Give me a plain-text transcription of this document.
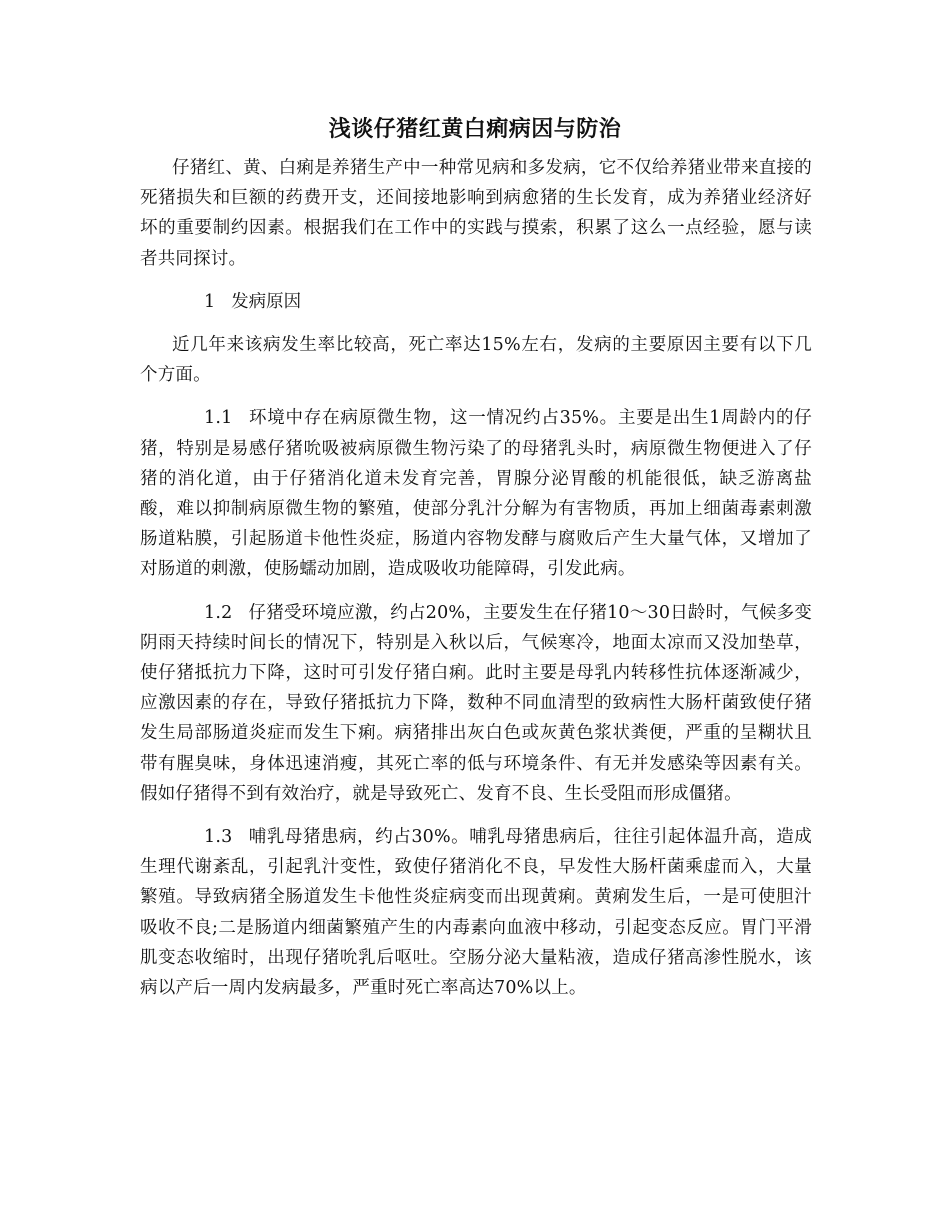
浅谈仔猪红黄白痢病因与防治

仔猪红、黄、白痢是养猪生产中一种常见病和多发病，它不仅给养猪业带来直接的死猪损失和巨额的药费开支，还间接地影响到病愈猪的生长发育，成为养猪业经济好坏的重要制约因素。根据我们在工作中的实践与摸索，积累了这么一点经验，愿与读者共同探讨。

1 发病原因

近几年来该病发生率比较高，死亡率达15%左右，发病的主要原因主要有以下几个方面。

1.1 环境中存在病原微生物，这一情况约占35%。主要是出生1周龄内的仔猪，特别是易感仔猪吮吸被病原微生物污染了的母猪乳头时，病原微生物便进入了仔猪的消化道，由于仔猪消化道未发育完善，胃腺分泌胃酸的机能很低，缺乏游离盐酸，难以抑制病原微生物的繁殖，使部分乳汁分解为有害物质，再加上细菌毒素刺激肠道粘膜，引起肠道卡他性炎症，肠道内容物发酵与腐败后产生大量气体，又增加了对肠道的刺激，使肠蠕动加剧，造成吸收功能障碍，引发此病。

1.2 仔猪受环境应激，约占20%，主要发生在仔猪10～30日龄时，气候多变阴雨天持续时间长的情况下，特别是入秋以后，气候寒冷，地面太凉而又没加垫草，使仔猪抵抗力下降，这时可引发仔猪白痢。此时主要是母乳内转移性抗体逐渐减少，应激因素的存在，导致仔猪抵抗力下降，数种不同血清型的致病性大肠杆菌致使仔猪发生局部肠道炎症而发生下痢。病猪排出灰白色或灰黄色浆状粪便，严重的呈糊状且带有腥臭味，身体迅速消瘦，其死亡率的低与环境条件、有无并发感染等因素有关。假如仔猪得不到有效治疗，就是导致死亡、发育不良、生长受阻而形成僵猪。

1.3 哺乳母猪患病，约占30%。哺乳母猪患病后，往往引起体温升高，造成生理代谢紊乱，引起乳汁变性，致使仔猪消化不良，早发性大肠杆菌乘虚而入，大量繁殖。导致病猪全肠道发生卡他性炎症病变而出现黄痢。黄痢发生后，一是可使胆汁吸收不良;二是肠道内细菌繁殖产生的内毒素向血液中移动，引起变态反应。胃门平滑肌变态收缩时，出现仔猪吮乳后呕吐。空肠分泌大量粘液，造成仔猪高渗性脱水，该病以产后一周内发病最多，严重时死亡率高达70%以上。
